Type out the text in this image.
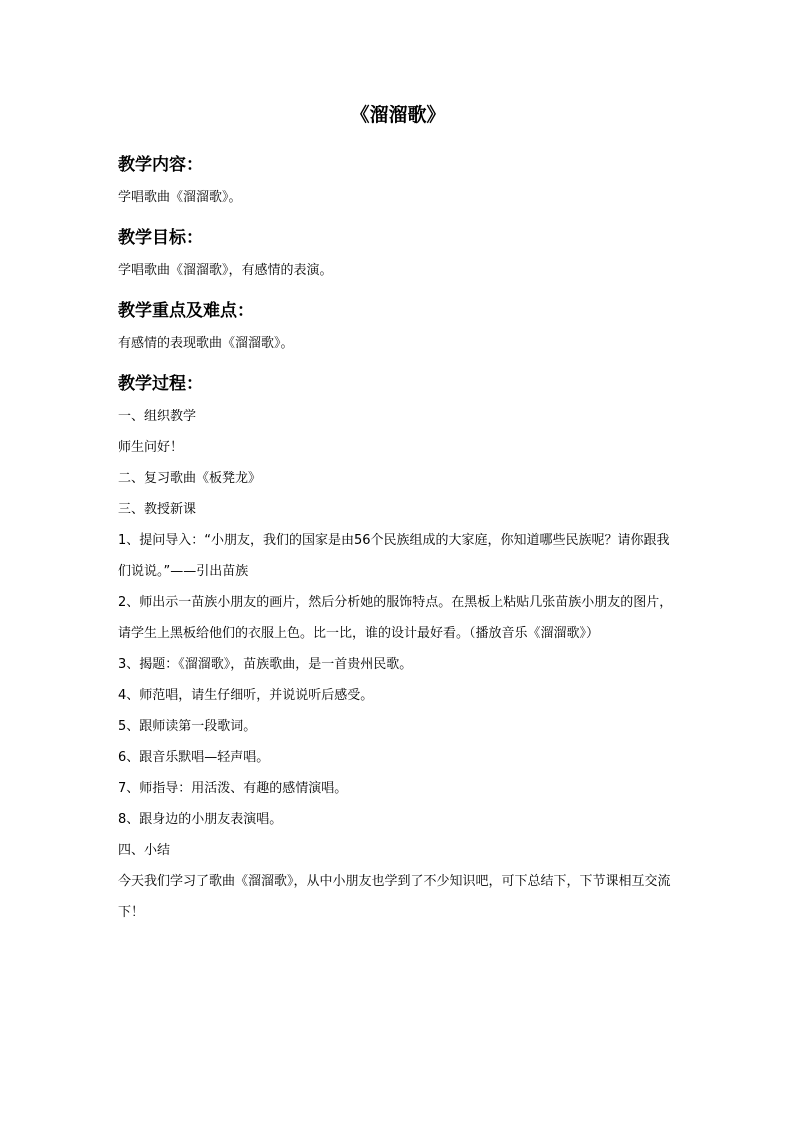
《溜溜歌》
教学内容：

学唱歌曲《溜溜歌》。

教学目标：

学唱歌曲《溜溜歌》，有感情的表演。

教学重点及难点：

有感情的表现歌曲《溜溜歌》。

教学过程：

一、组织教学

师生问好！

二、复习歌曲《板凳龙》

三、教授新课

1、提问导入：“小朋友，我们的国家是由56个民族组成的大家庭，你知道哪些民族呢？请你跟我们说说。”——引出苗族

2、师出示一苗族小朋友的画片，然后分析她的服饰特点。在黑板上粘贴几张苗族小朋友的图片，请学生上黑板给他们的衣服上色。比一比，谁的设计最好看。（播放音乐《溜溜歌》）

3、揭题：《溜溜歌》，苗族歌曲，是一首贵州民歌。

4、师范唱，请生仔细听，并说说听后感受。

5、跟师读第一段歌词。

6、跟音乐默唱—轻声唱。

7、师指导：用活泼、有趣的感情演唱。

8、跟身边的小朋友表演唱。

四、小结

今天我们学习了歌曲《溜溜歌》，从中小朋友也学到了不少知识吧，可下总结下，下节课相互交流下！
